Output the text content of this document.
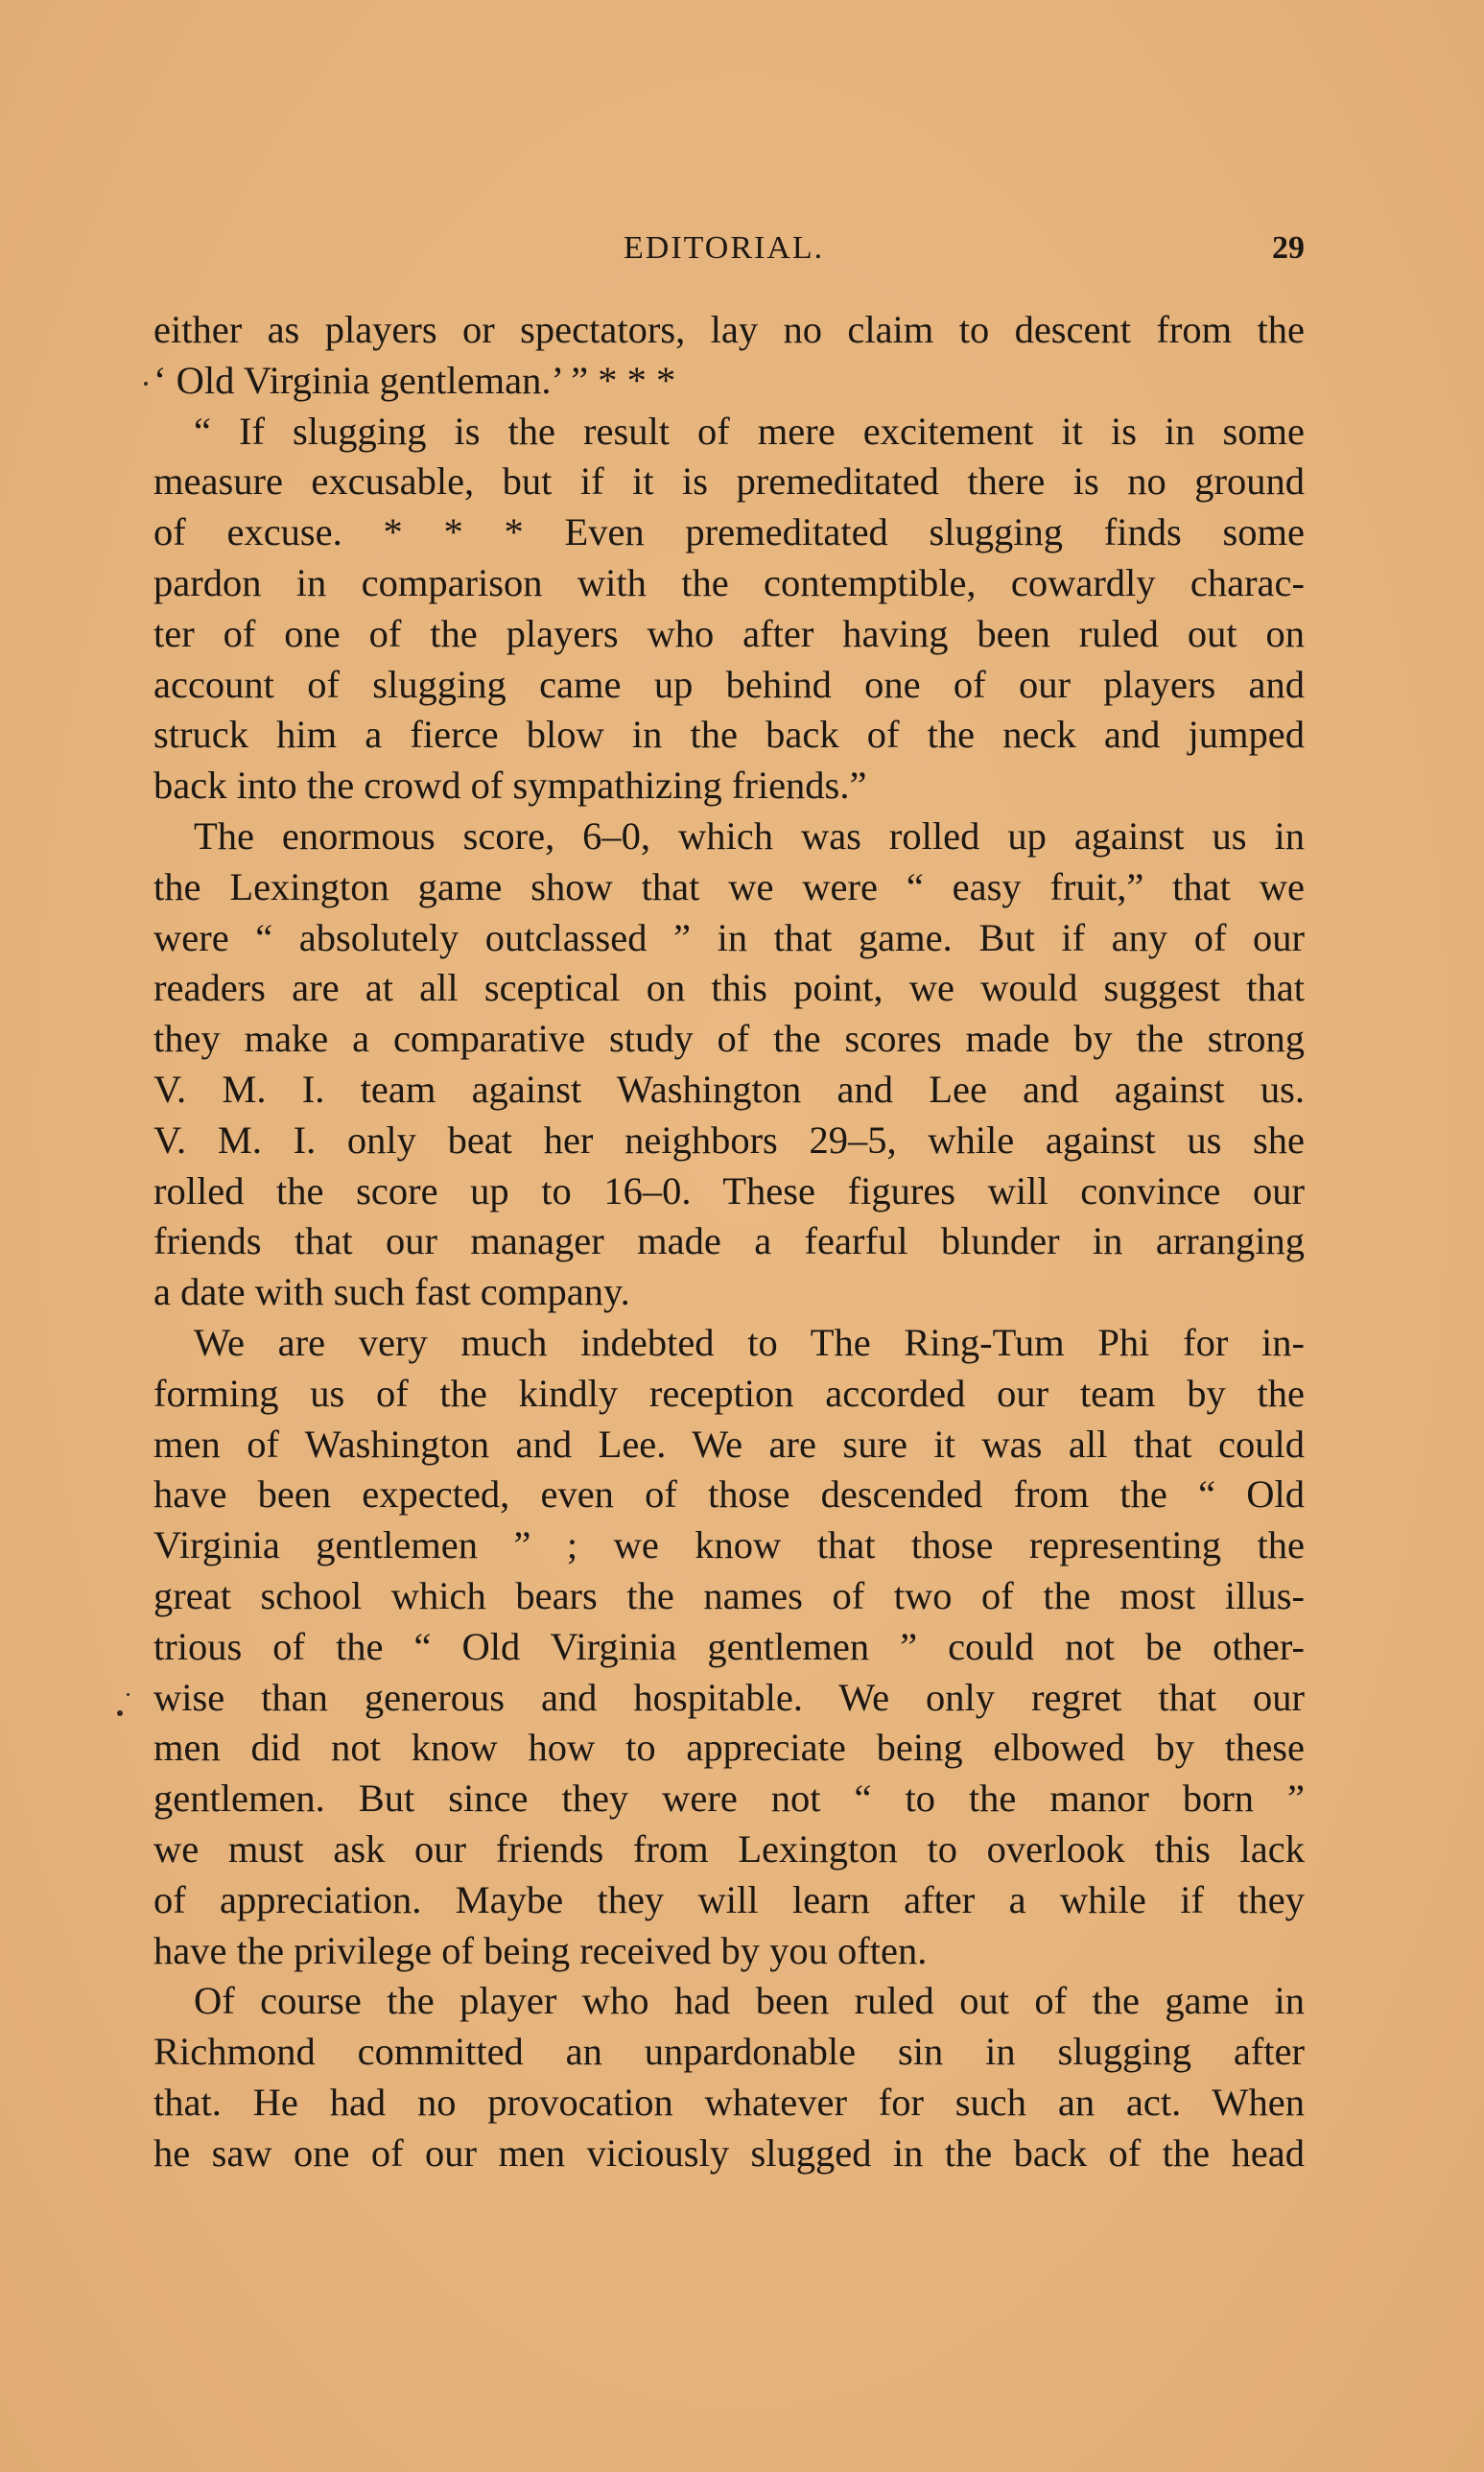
EDITORIAL.	29
either as players or spectators, lay no claim to descent from the
‘ Old Virginia gentleman.’ ” * * *
“ If slugging is the result of mere excitement it is in some
measure excusable, but if it is premeditated there is no ground
of excuse. * * * Even premeditated slugging finds some
pardon in comparison with the contemptible, cowardly charac-
ter of one of the players who after having been ruled out on
account of slugging came up behind one of our players and
struck him a fierce blow in the back of the neck and jumped
back into the crowd of sympathizing friends.”
The enormous score, 6–0, which was rolled up against us in
the Lexington game show that we were “ easy fruit,” that we
were “ absolutely outclassed ” in that game. But if any of our
readers are at all sceptical on this point, we would suggest that
they make a comparative study of the scores made by the strong
V. M. I. team against Washington and Lee and against us.
V. M. I. only beat her neighbors 29–5, while against us she
rolled the score up to 16–0. These figures will convince our
friends that our manager made a fearful blunder in arranging
a date with such fast company.
We are very much indebted to The Ring-Tum Phi for in-
forming us of the kindly reception accorded our team by the
men of Washington and Lee. We are sure it was all that could
have been expected, even of those descended from the “ Old
Virginia gentlemen ” ; we know that those representing the
great school which bears the names of two of the most illus-
trious of the “ Old Virginia gentlemen ” could not be other-
wise than generous and hospitable. We only regret that our
men did not know how to appreciate being elbowed by these
gentlemen. But since they were not “ to the manor born ”
we must ask our friends from Lexington to overlook this lack
of appreciation. Maybe they will learn after a while if they
have the privilege of being received by you often.
Of course the player who had been ruled out of the game in
Richmond committed an unpardonable sin in slugging after
that. He had no provocation whatever for such an act. When
he saw one of our men viciously slugged in the back of the head
